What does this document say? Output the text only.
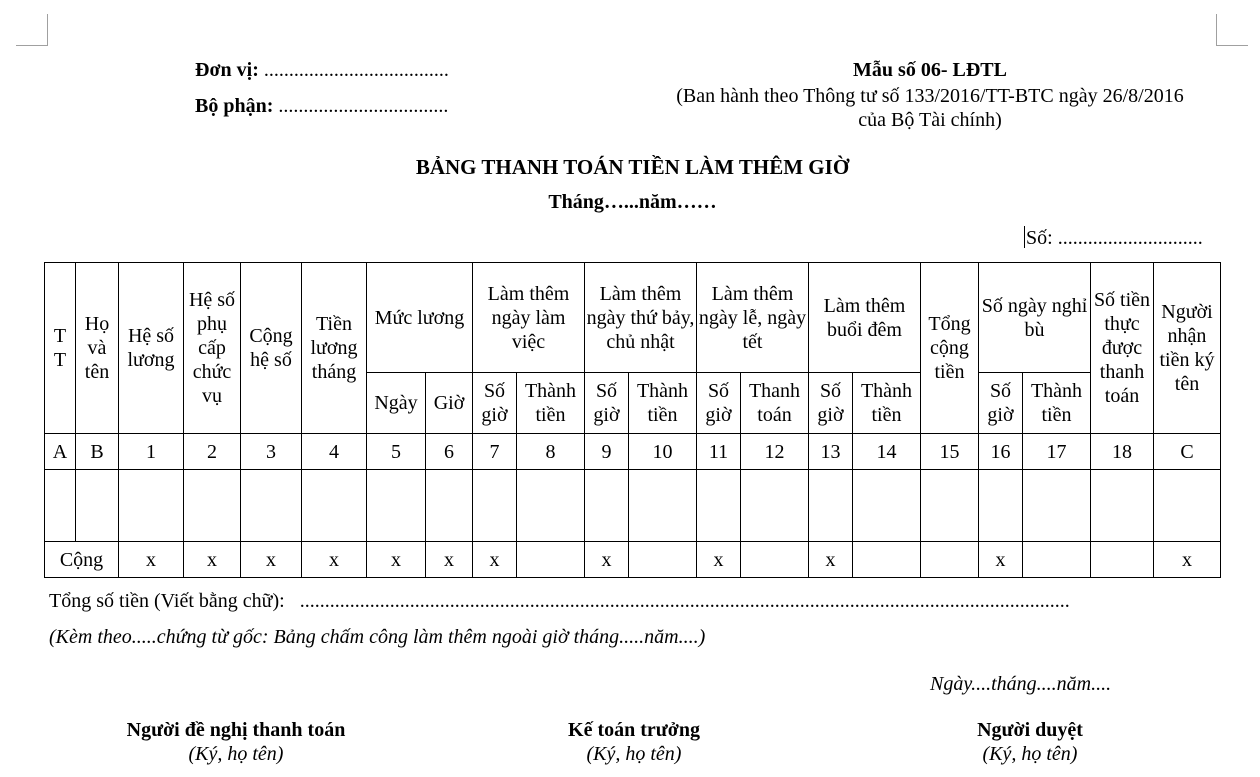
Đơn vị: .....................................
Bộ phận: ..................................
Mẫu số 06- LĐTL
(Ban hành theo Thông tư số 133/2016/TT-BTC ngày 26/8/2016
của Bộ Tài chính)
BẢNG THANH TOÁN TIỀN LÀM THÊM GIỜ
Tháng…...năm……
Số: .............................
T T	Họ và tên	Hệ số lương	Hệ số phụ cấp chức vụ	Cộng hệ số	Tiền lương tháng	Mức lương		Làm thêm ngày làm việc		Làm thêm ngày thứ bảy, chủ nhật		Làm thêm ngày lễ, ngày tết		Làm thêm buổi đêm		Tổng cộng tiền	Số ngày nghỉ bù		Số tiền thực được thanh toán	Người nhận tiền ký tên
						Ngày	Giờ	Số giờ	Thành tiền	Số giờ	Thành tiền	Số giờ	Thanh toán	Số giờ	Thành tiền		Số giờ	Thành tiền		
A	B	1	2	3	4	5	6	7	8	9	10	11	12	13	14	15	16	17	18	C

Cộng		x	x	x	x	x	x	x		x		x		x			x			x
Tổng số tiền (Viết bằng chữ): ..........................................................................................................................................................
(Kèm theo.....chứng từ gốc: Bảng chấm công làm thêm ngoài giờ tháng.....năm....)
Ngày....tháng....năm....
Người đề nghị thanh toán
(Ký, họ tên)
Kế toán trưởng
(Ký, họ tên)
Người duyệt
(Ký, họ tên)
